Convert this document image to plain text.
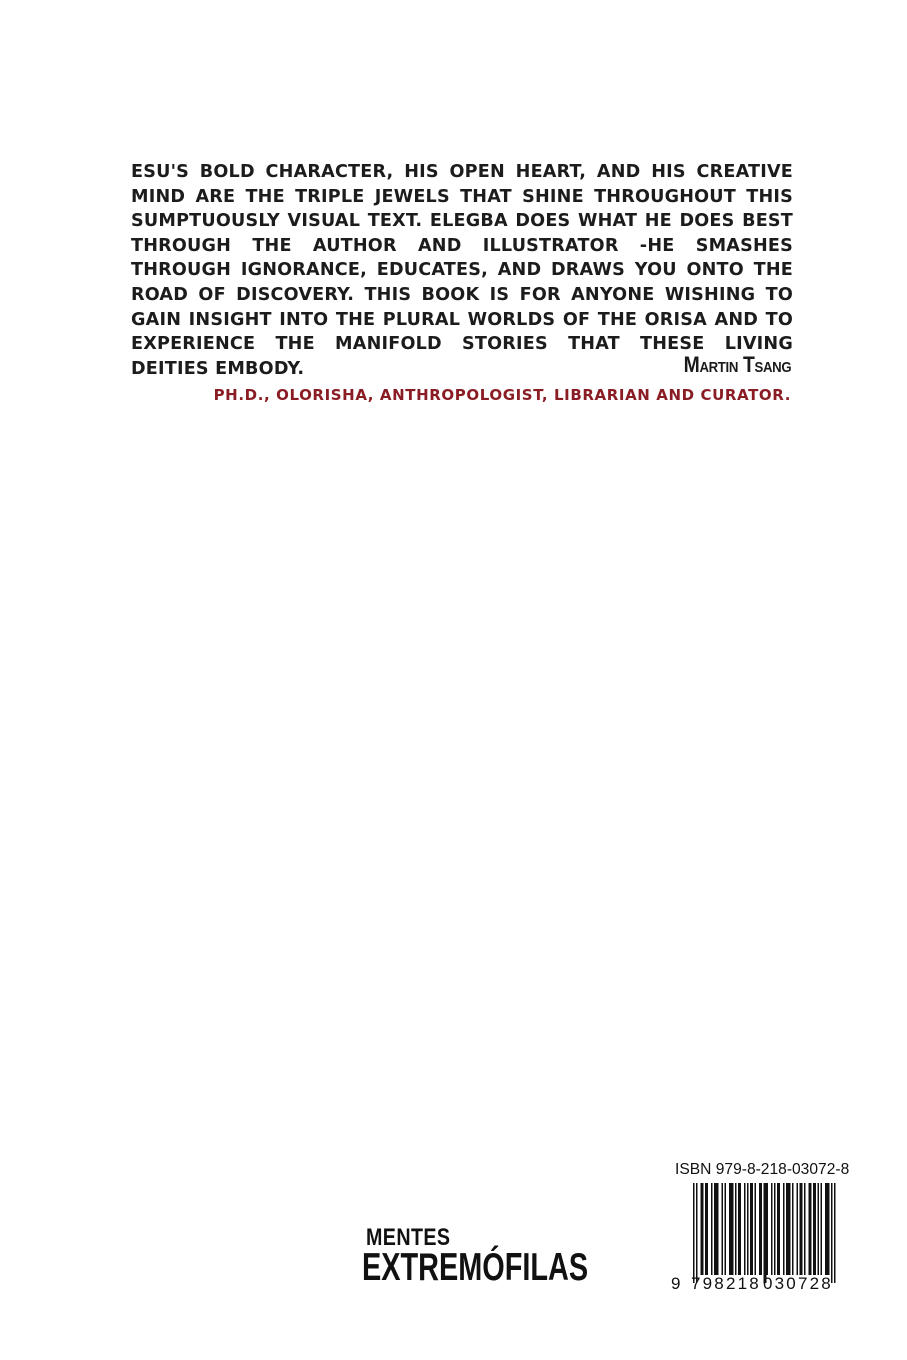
ESU'S BOLD CHARACTER, HIS OPEN HEART, AND HIS CREATIVE MIND ARE THE TRIPLE JEWELS THAT SHINE THROUGHOUT THIS SUMPTUOUSLY VISUAL TEXT. ELEGBA DOES WHAT HE DOES BEST THROUGH THE AUTHOR AND ILLUSTRATOR -HE SMASHES THROUGH IGNORANCE, EDUCATES, AND DRAWS YOU ONTO THE ROAD OF DISCOVERY. THIS BOOK IS FOR ANYONE WISHING TO GAIN INSIGHT INTO THE PLURAL WORLDS OF THE ORISA AND TO EXPERIENCE THE MANIFOLD STORIES THAT THESE LIVING DEITIES EMBODY.	Martin Tsang
PH.D., OLORISHA, ANTHROPOLOGIST, LIBRARIAN AND CURATOR.
MENTES
EXTREMÓFILAS
ISBN 979-8-218-03072-8
9 798218 030728
